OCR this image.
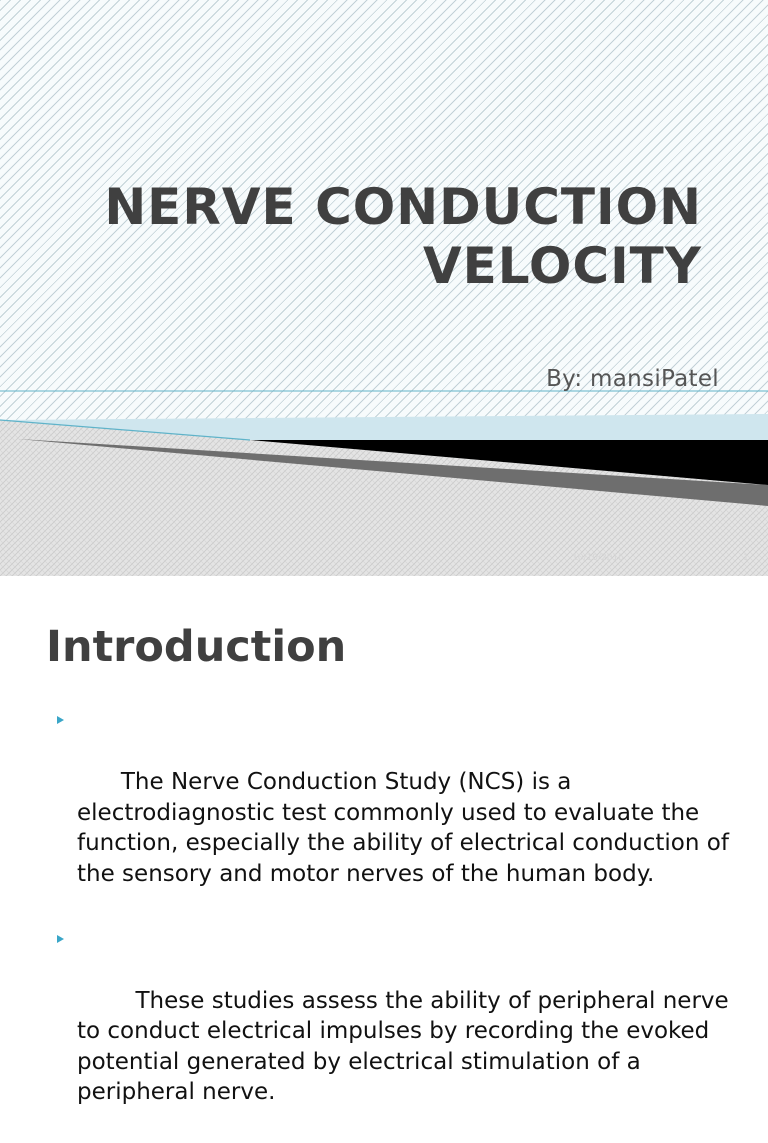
NERVE CONDUCTION VELOCITY
By: mansiPatel
10/10/2016	1
Introduction

The Nerve Conduction Study (NCS) is a electrodiagnostic test commonly used to evaluate the function, especially the ability of electrical conduction of the sensory and motor nerves of the human body.

These studies assess the ability of peripheral nerve to conduct electrical impulses by recording the evoked potential generated by electrical stimulation of a peripheral nerve.
